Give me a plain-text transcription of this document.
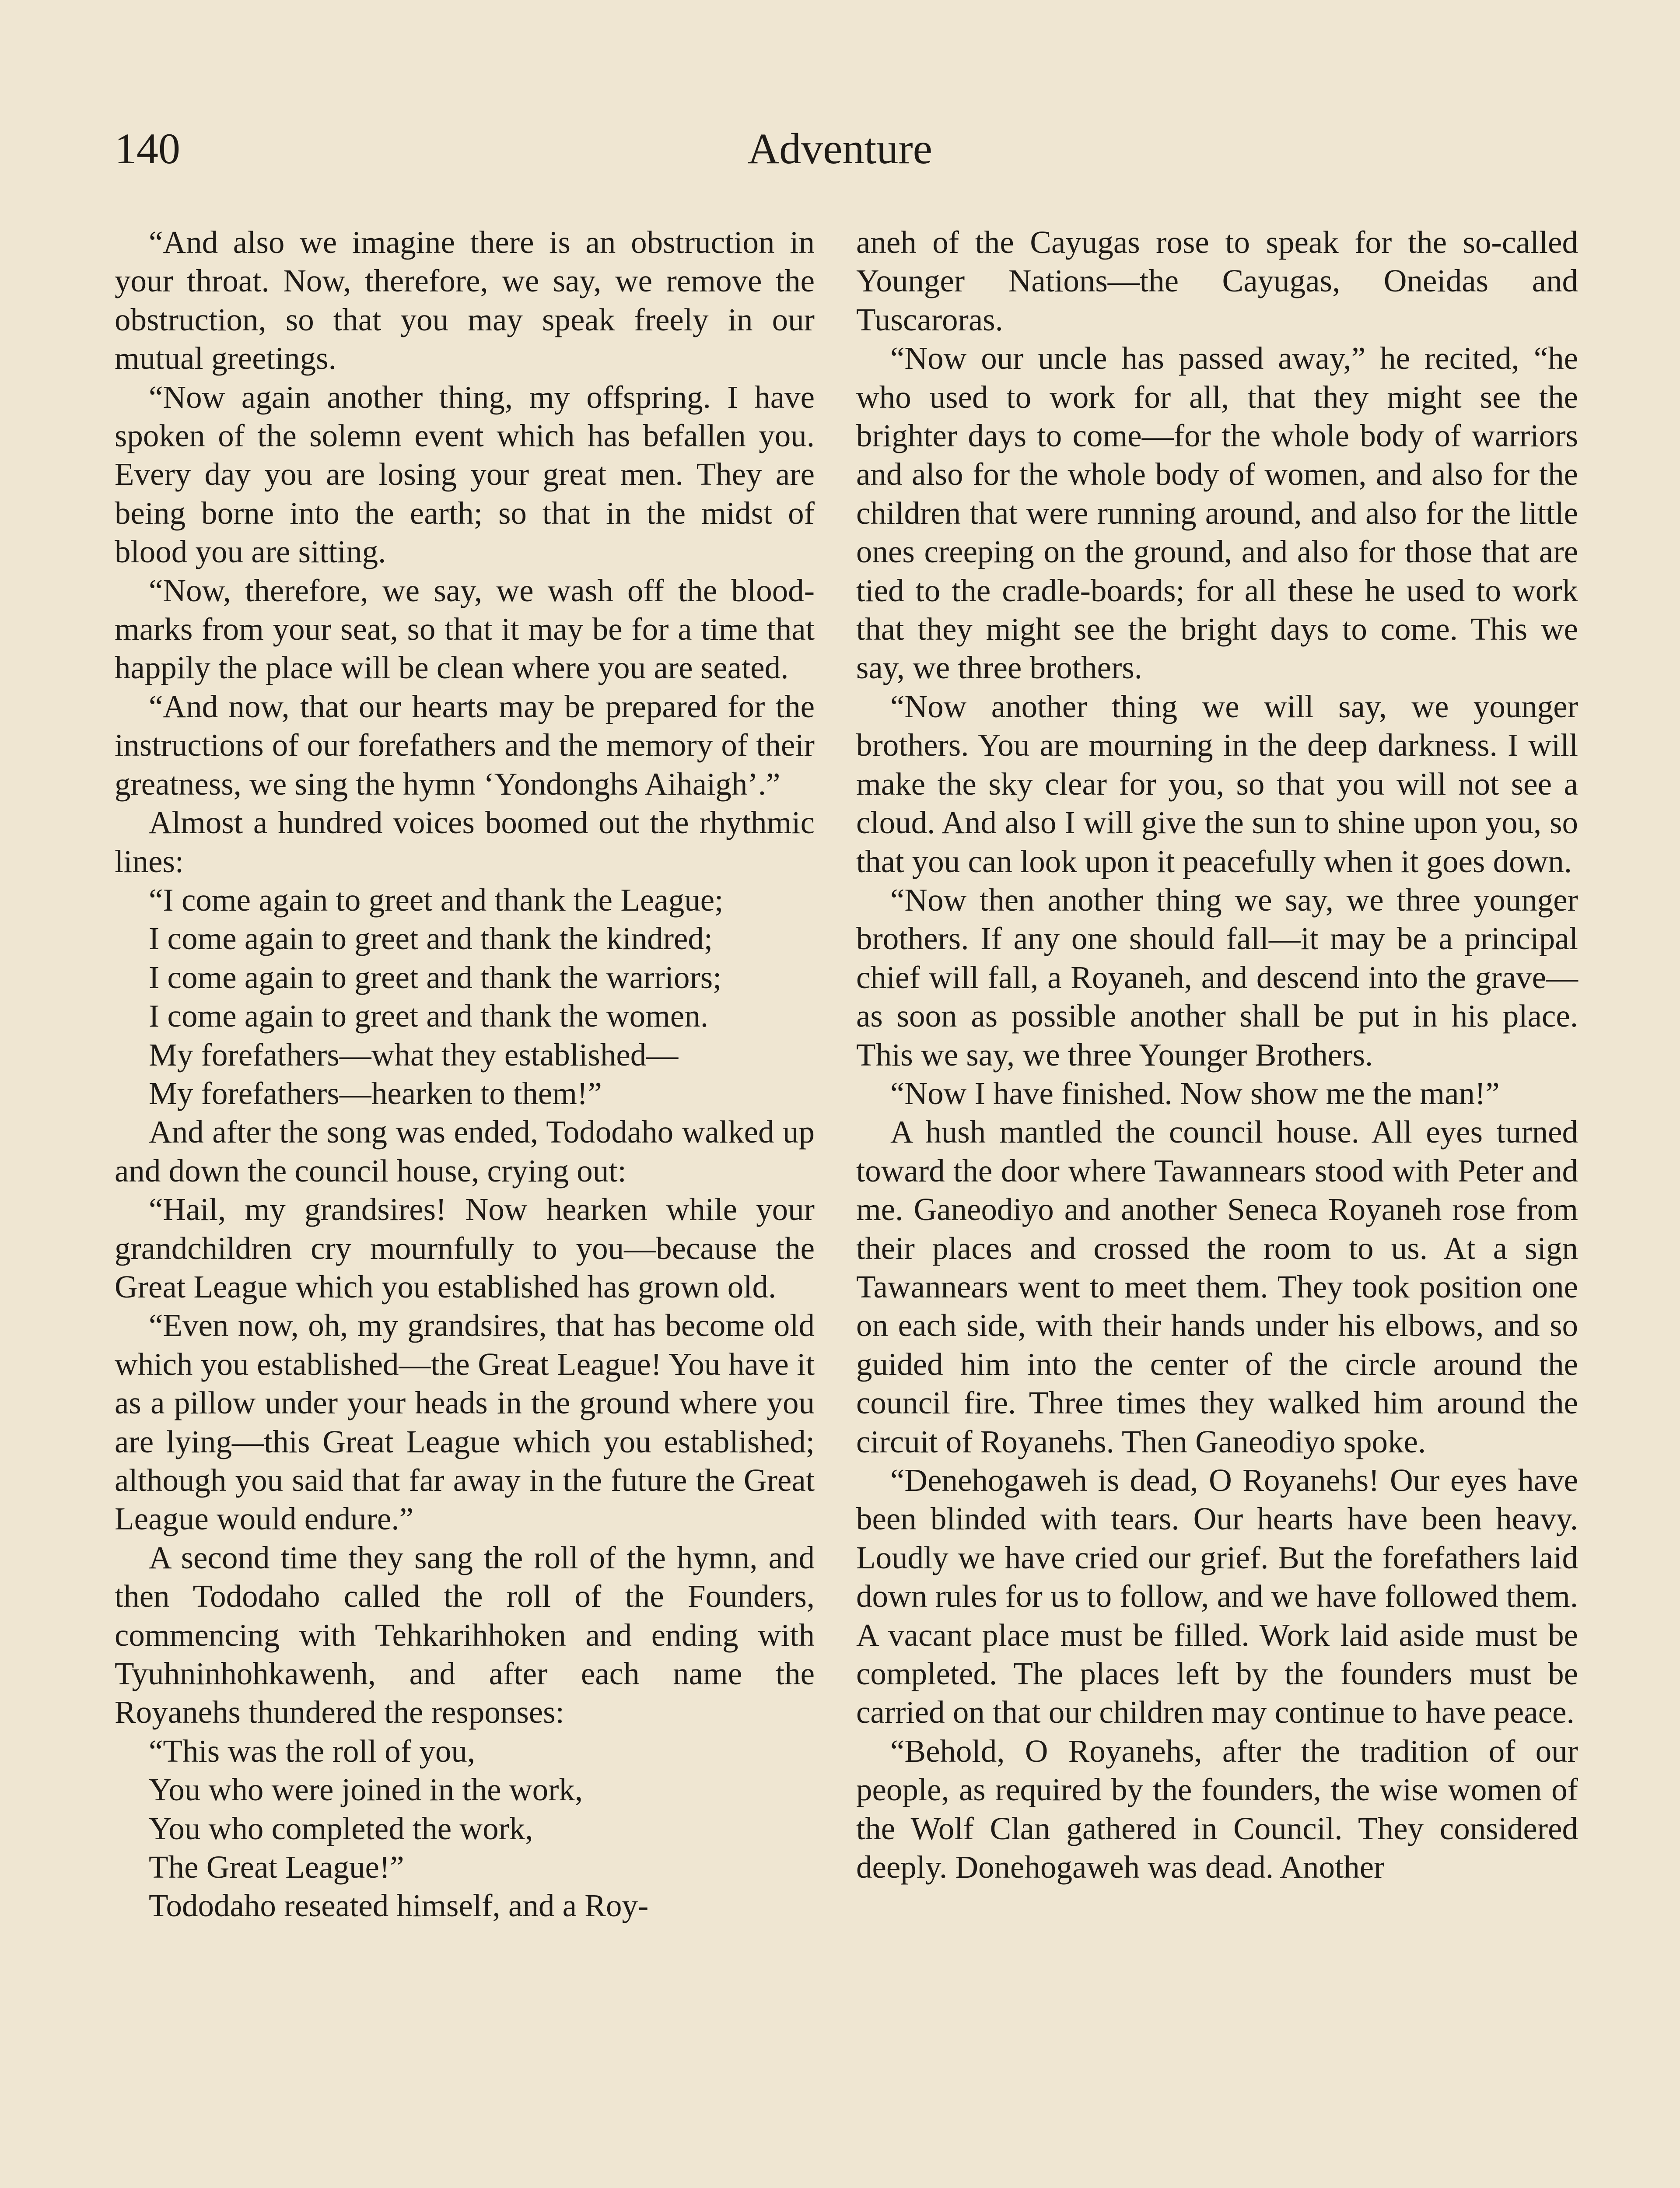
140	Adventure

“And also we imagine there is an obstruction in your throat. Now, therefore, we say, we remove the obstruction, so that you may speak freely in our mutual greetings.

“Now again another thing, my offspring. I have spoken of the solemn event which has befallen you. Every day you are losing your great men. They are being borne into the earth; so that in the midst of blood you are sitting.

“Now, therefore, we say, we wash off the blood-marks from your seat, so that it may be for a time that happily the place will be clean where you are seated.

“And now, that our hearts may be prepared for the instructions of our forefathers and the memory of their greatness, we sing the hymn ‘Yondonghs Aihaigh’.”

Almost a hundred voices boomed out the rhythmic lines:

“I come again to greet and thank the League;

I come again to greet and thank the kindred;

I come again to greet and thank the warriors;

I come again to greet and thank the women.

My forefathers—what they established—

My forefathers—hearken to them!”

And after the song was ended, Tododaho walked up and down the council house, crying out:

“Hail, my grandsires! Now hearken while your grandchildren cry mournfully to you—because the Great League which you established has grown old.

“Even now, oh, my grandsires, that has become old which you established—the Great League! You have it as a pillow under your heads in the ground where you are lying—this Great League which you established; although you said that far away in the future the Great League would endure.”

A second time they sang the roll of the hymn, and then Tododaho called the roll of the Founders, commencing with Tehkarihhoken and ending with Tyuhninhohkawenh, and after each name the Royanehs thundered the responses:

“This was the roll of you,

You who were joined in the work,

You who completed the work,

The Great League!”

Tododaho reseated himself, and a Roy-

aneh of the Cayugas rose to speak for the so-called Younger Nations—the Cayugas, Oneidas and Tuscaroras.

“Now our uncle has passed away,” he recited, “he who used to work for all, that they might see the brighter days to come—for the whole body of warriors and also for the whole body of women, and also for the children that were running around, and also for the little ones creeping on the ground, and also for those that are tied to the cradle-boards; for all these he used to work that they might see the bright days to come. This we say, we three brothers.

“Now another thing we will say, we younger brothers. You are mourning in the deep darkness. I will make the sky clear for you, so that you will not see a cloud. And also I will give the sun to shine upon you, so that you can look upon it peacefully when it goes down.

“Now then another thing we say, we three younger brothers. If any one should fall—it may be a principal chief will fall, a Royaneh, and descend into the grave—as soon as possible another shall be put in his place. This we say, we three Younger Brothers.

“Now I have finished. Now show me the man!”

A hush mantled the council house. All eyes turned toward the door where Tawannears stood with Peter and me. Ganeodiyo and another Seneca Royaneh rose from their places and crossed the room to us. At a sign Tawannears went to meet them. They took position one on each side, with their hands under his elbows, and so guided him into the center of the circle around the council fire. Three times they walked him around the circuit of Royanehs. Then Ganeodiyo spoke.

“Denehogaweh is dead, O Royanehs! Our eyes have been blinded with tears. Our hearts have been heavy. Loudly we have cried our grief. But the forefathers laid down rules for us to follow, and we have followed them. A vacant place must be filled. Work laid aside must be completed. The places left by the founders must be carried on that our children may continue to have peace.

“Behold, O Royanehs, after the tradition of our people, as required by the founders, the wise women of the Wolf Clan gathered in Council. They considered deeply. Donehogaweh was dead. Another
